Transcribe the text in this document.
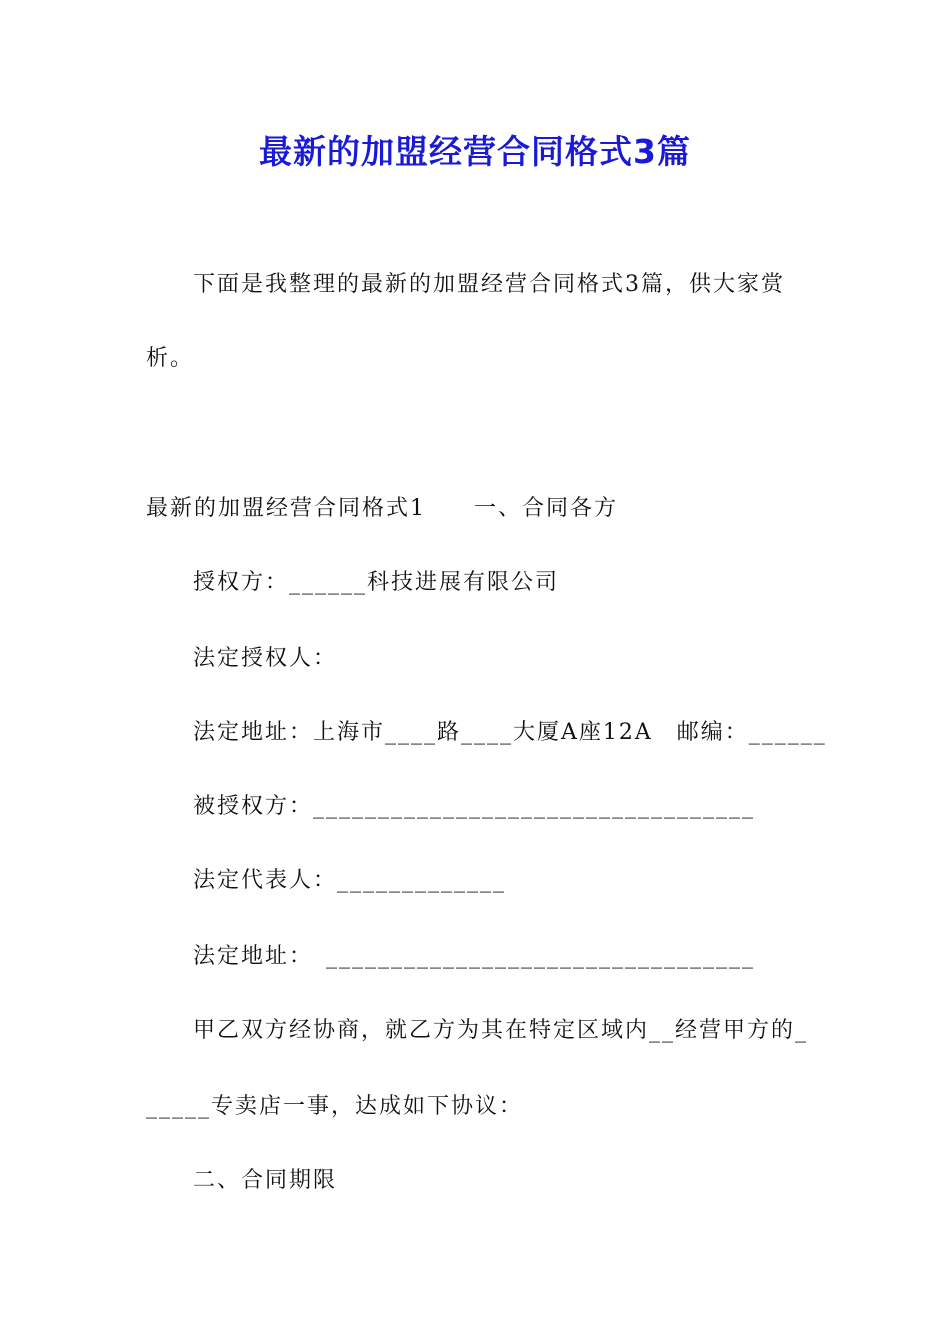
最新的加盟经营合同格式3篇
下面是我整理的最新的加盟经营合同格式3篇，供大家赏
析。
最新的加盟经营合同格式1　　一、合同各方
授权方：______科技进展有限公司
法定授权人：
法定地址：上海市____路____大厦A座12A　邮编：______
被授权方：__________________________________
法定代表人：_____________
法定地址：　_________________________________
甲乙双方经协商，就乙方为其在特定区域内__经营甲方的_
_____专卖店一事，达成如下协议：
二、合同期限
